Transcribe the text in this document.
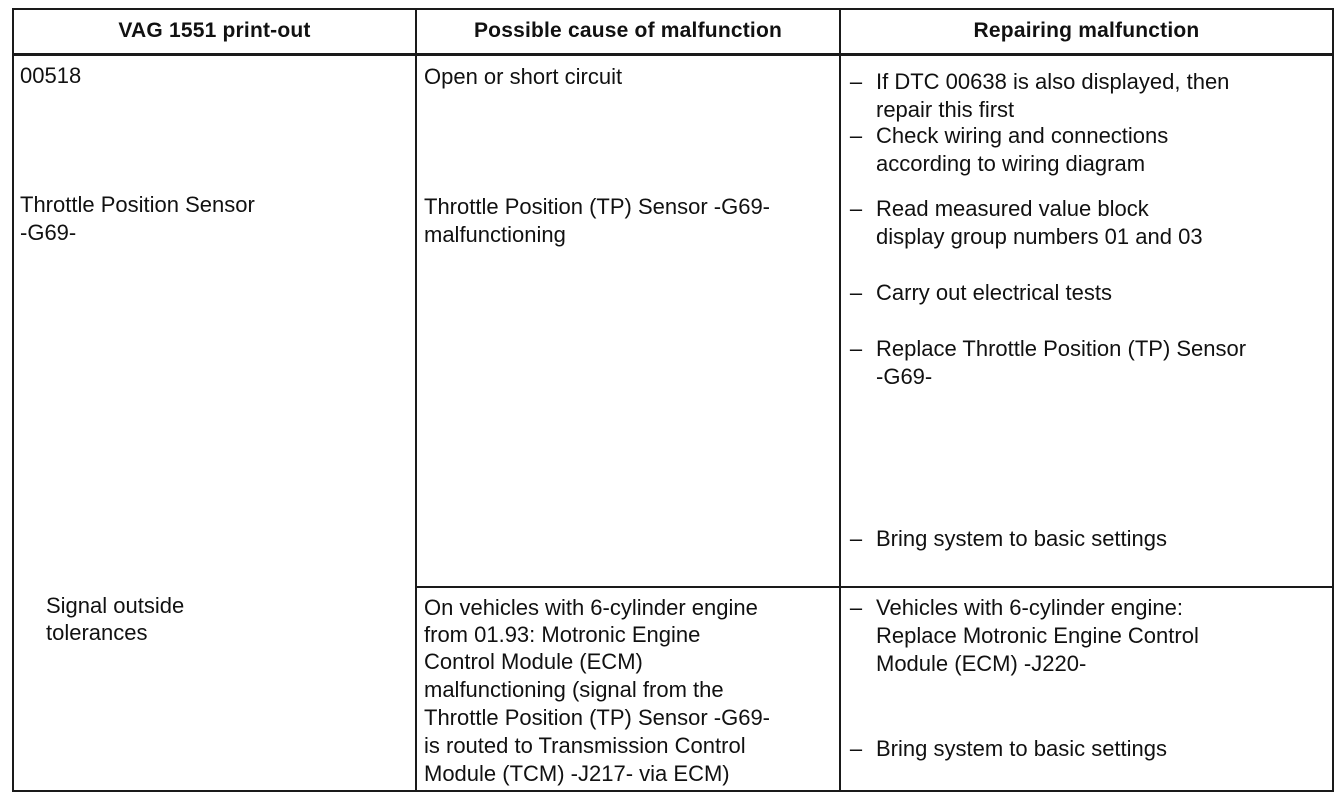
VAG 1551 print-out	Possible cause of malfunction	Repairing malfunction
00518
Throttle Position Sensor
-G69-
Signal outside
tolerances
Open or short circuit
Throttle Position (TP) Sensor -G69-
malfunctioning
On vehicles with 6-cylinder engine
from 01.93: Motronic Engine
Control Module (ECM)
malfunctioning (signal from the
Throttle Position (TP) Sensor -G69-
is routed to Transmission Control
Module (TCM) -J217- via ECM)
– If DTC 00638 is also displayed, then
repair this first
– Check wiring and connections
according to wiring diagram
– Read measured value block
display group numbers 01 and 03
– Carry out electrical tests
– Replace Throttle Position (TP) Sensor
-G69-
– Bring system to basic settings
– Vehicles with 6-cylinder engine:
Replace Motronic Engine Control
Module (ECM) -J220-
– Bring system to basic settings
